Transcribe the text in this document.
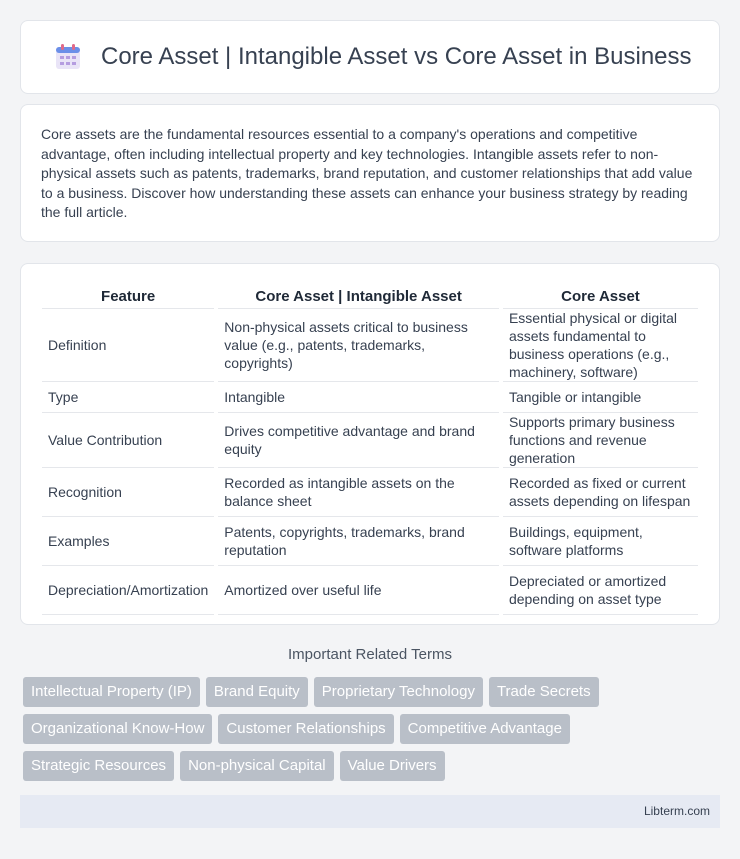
Core Asset | Intangible Asset vs Core Asset in Business

Core assets are the fundamental resources essential to a company's operations and competitive advantage, often including intellectual property and key technologies. Intangible assets refer to non-physical assets such as patents, trademarks, brand reputation, and customer relationships that add value to a business. Discover how understanding these assets can enhance your business strategy by reading the full article.

Feature	Core Asset | Intangible Asset	Core Asset
Definition	Non-physical assets critical to business value (e.g., patents, trademarks, copyrights)	Essential physical or digital assets fundamental to business operations (e.g., machinery, software)
Type	Intangible	Tangible or intangible
Value Contribution	Drives competitive advantage and brand equity	Supports primary business functions and revenue generation
Recognition	Recorded as intangible assets on the balance sheet	Recorded as fixed or current assets depending on lifespan
Examples	Patents, copyrights, trademarks, brand reputation	Buildings, equipment, software platforms
Depreciation/Amortization	Amortized over useful life	Depreciated or amortized depending on asset type
Important Related Terms
Intellectual Property (IP)	Brand Equity	Proprietary Technology	Trade Secrets
Organizational Know-How	Customer Relationships	Competitive Advantage
Strategic Resources	Non-physical Capital	Value Drivers
Libterm.com
